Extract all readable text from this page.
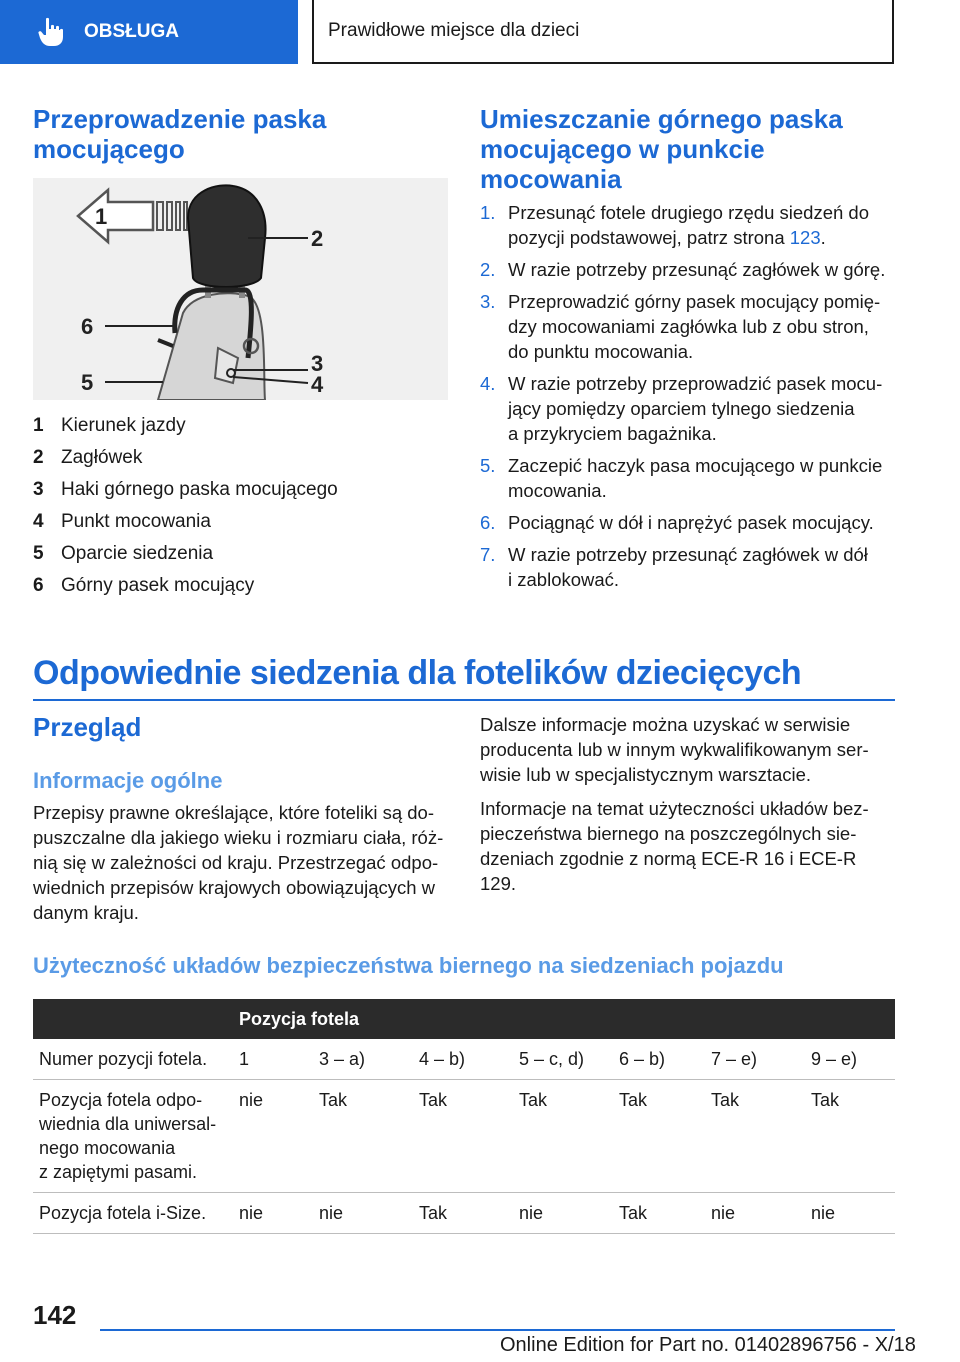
OBSŁUGA	Prawidłowe miejsce dla dzieci
Przeprowadzenie paska
mocującego
1
2
3
4
6
5
1 Kierunek jazdy
2 Zagłówek
3 Haki górnego paska mocującego
4 Punkt mocowania
5 Oparcie siedzenia
6 Górny pasek mocujący
Umieszczanie górnego paska
mocującego w punkcie
mocowania
1. Przesunąć fotele drugiego rzędu siedzeń do
pozycji podstawowej, patrz strona 123.
2. W razie potrzeby przesunąć zagłówek w górę.
3. Przeprowadzić górny pasek mocujący pomię-
dzy mocowaniami zagłówka lub z obu stron,
do punktu mocowania.
4. W razie potrzeby przeprowadzić pasek mocu-
jący pomiędzy oparciem tylnego siedzenia
a przykryciem bagażnika.
5. Zaczepić haczyk pasa mocującego w punkcie
mocowania.
6. Pociągnąć w dół i naprężyć pasek mocujący.
7. W razie potrzeby przesunąć zagłówek w dół
i zablokować.
Odpowiednie siedzenia dla fotelików dziecięcych
Przegląd
Informacje ogólne
Przepisy prawne określające, które foteliki są do-
puszczalne dla jakiego wieku i rozmiaru ciała, róż-
nią się w zależności od kraju. Przestrzegać odpo-
wiednich przepisów krajowych obowiązujących w
danym kraju.
Dalsze informacje można uzyskać w serwisie
producenta lub w innym wykwalifikowanym ser-
wisie lub w specjalistycznym warsztacie.
Informacje na temat użyteczności układów bez-
pieczeństwa biernego na poszczególnych sie-
dzeniach zgodnie z normą ECE-R 16 i ECE-R
129.
Użyteczność układów bezpieczeństwa biernego na siedzeniach pojazdu
	Pozycja fotela						
Numer pozycji fotela.	1	3 – a)	4 – b)	5 – c, d)	6 – b)	7 – e)	9 – e)
Pozycja fotela odpo-
wiednia dla uniwersal-
nego mocowania
z zapiętymi pasami.	nie	Tak	Tak	Tak	Tak	Tak	Tak
Pozycja fotela i-Size.	nie	nie	Tak	nie	Tak	nie	nie
142
Online Edition for Part no. 01402896756 - X/18
